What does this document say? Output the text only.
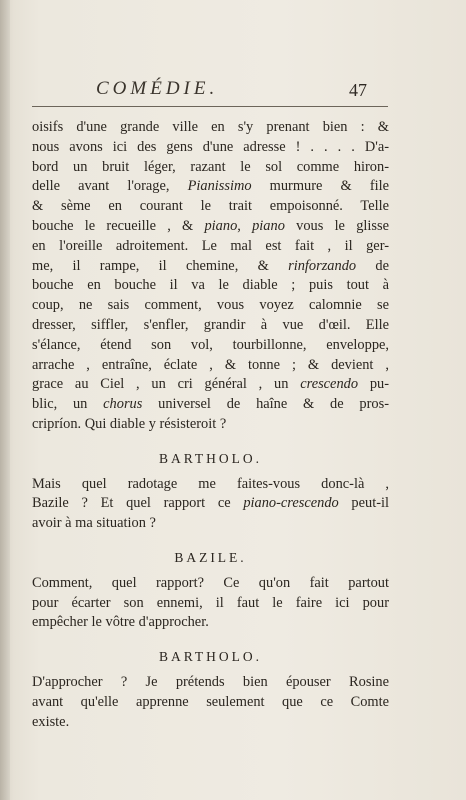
COMÉDIE.	47
oisifs d'une grande ville en s'y prenant bien : &
nous avons ici des gens d'une adresse ! . . . . D'a-
bord un bruit léger, razant le sol comme hiron-
delle avant l'orage, Pianissimo murmure & file
& sème en courant le trait empoisonné. Telle
bouche le recueille , & piano, piano vous le glisse
en l'oreille adroitement. Le mal est fait , il ger-
me, il rampe, il chemine, & rinforzando de
bouche en bouche il va le diable ; puis tout à
coup, ne sais comment, vous voyez calomnie se
dresser, siffler, s'enfler, grandir à vue d'œil. Elle
s'élance, étend son vol, tourbillonne, enveloppe,
arrache , entraîne, éclate , & tonne ; & devient ,
grace au Ciel , un cri général , un crescendo pu-
blic, un chorus universel de haîne & de pros-
cripríon. Qui diable y résisteroit ?
BARTHOLO.
Mais quel radotage me faites-vous donc-là ,
Bazile ? Et quel rapport ce piano-crescendo peut-il
avoir à ma situation ?
BAZILE.
Comment, quel rapport? Ce qu'on fait partout
pour écarter son ennemi, il faut le faire ici pour
empêcher le vôtre d'approcher.
BARTHOLO.
D'approcher ? Je prétends bien épouser Rosine
avant qu'elle apprenne seulement que ce Comte
existe.
